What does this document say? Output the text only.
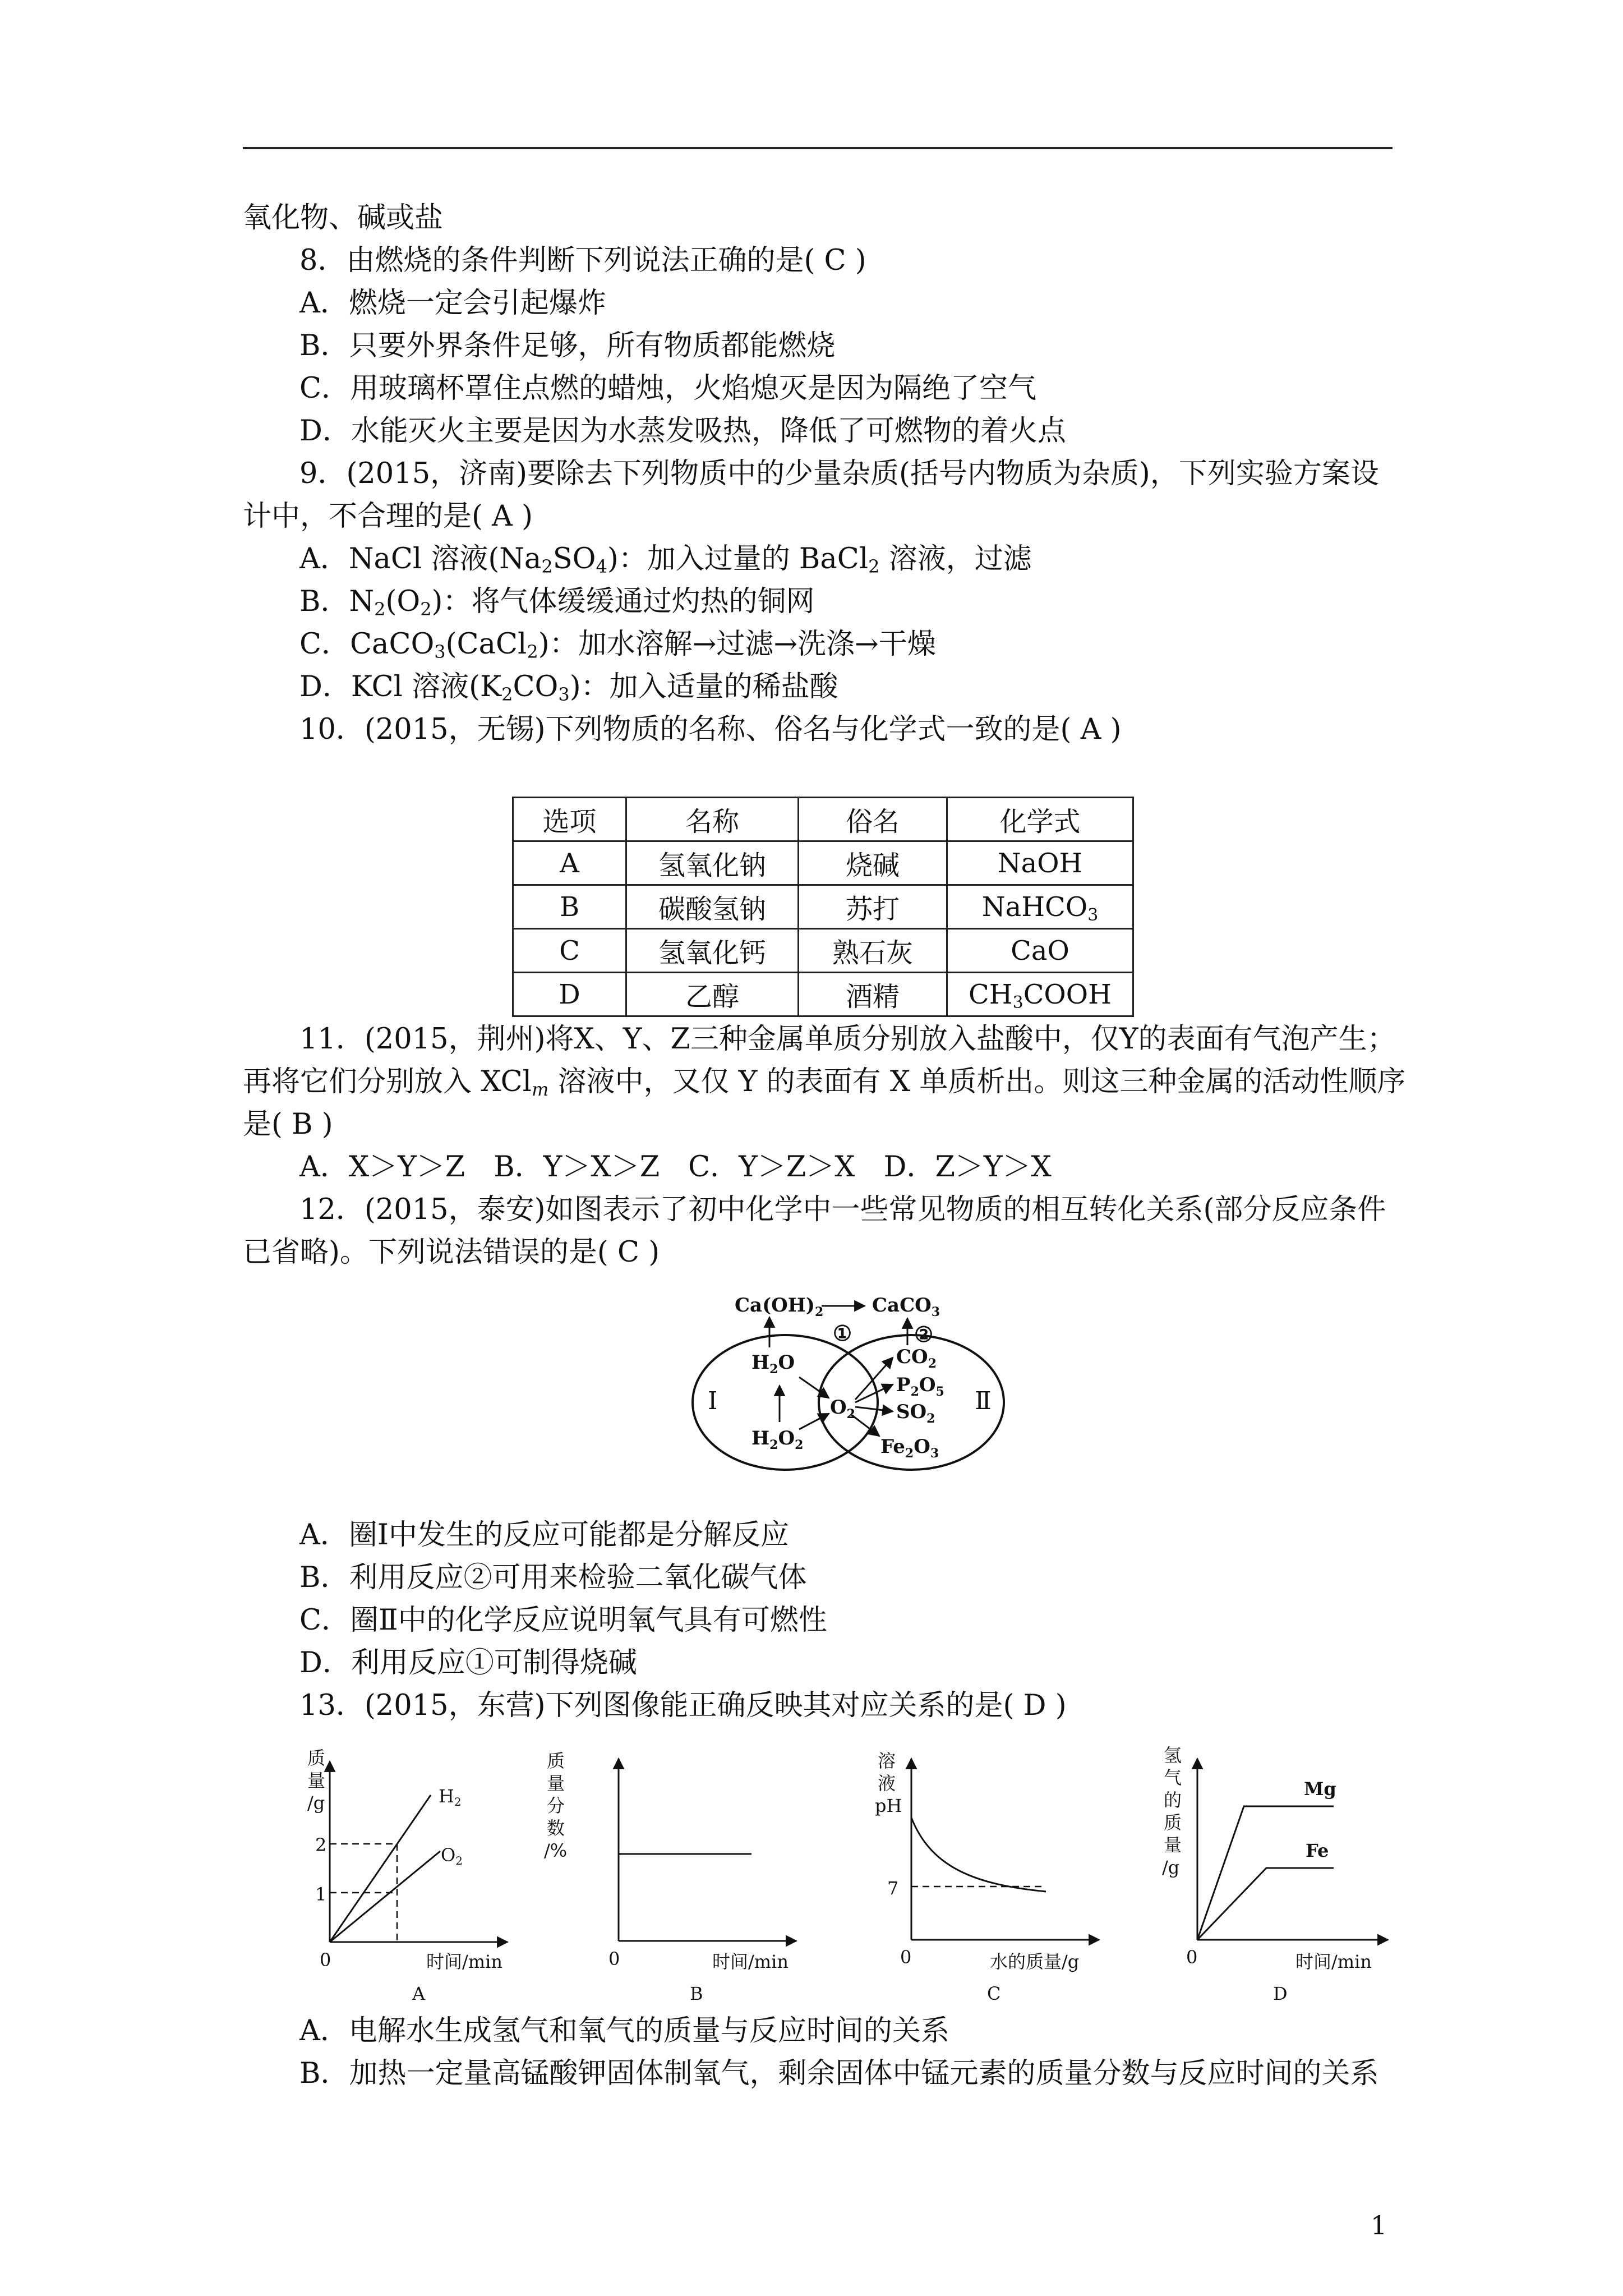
氧化物、碱或盐
8．由燃烧的条件判断下列说法正确的是( C )
A．燃烧一定会引起爆炸
B．只要外界条件足够，所有物质都能燃烧
C．用玻璃杯罩住点燃的蜡烛，火焰熄灭是因为隔绝了空气
D．水能灭火主要是因为水蒸发吸热，降低了可燃物的着火点
9．(2015，济南)要除去下列物质中的少量杂质(括号内物质为杂质)，下列实验方案设
计中，不合理的是( A )
A．NaCl 溶液$(Na_2SO_4)$：加入过量的 BaCl$_2$ 溶液，过滤
B．$N_2(O_2)$：将气体缓缓通过灼热的铜网
C．CaCO$_3$(CaCl$_2$)：加水溶解→过滤→洗涤→干燥
D．KCl 溶液$(K_2CO_3)$：加入适量的稀盐酸
10．(2015，无锡)下列物质的名称、俗名与化学式一致的是( A )
选项	名称	俗名	化学式
A	氢氧化钠	烧碱	NaOH
B	碳酸氢钠	苏打	NaHCO$_3$
C	氢氧化钙	熟石灰	CaO
D	乙醇	酒精	$CH_3COOH$
11．(2015，荆州)将X、Y、Z三种金属单质分别放入盐酸中，仅Y的表面有气泡产生；
再将它们分别放入 XCl$_m$ 溶液中，又仅 Y 的表面有 X 单质析出。则这三种金属的活动性顺序
是( B )
A．X＞Y＞Z　B．Y＞X＞Z　C．Y＞Z＞X　D．Z＞Y＞X
12．(2015，泰安)如图表示了初中化学中一些常见物质的相互转化关系(部分反应条件
已省略)。下列说法错误的是( C )
$Ca(OH)_2$	CaCO$_3$
①	②
$H_2O$
$H_2O_2$
$O_2$
$CO_2$
$P_2O_5$
$SO_2$
$Fe_2O_3$
Ⅰ	Ⅱ
A．圈Ⅰ中发生的反应可能都是分解反应
B．利用反应②可用来检验二氧化碳气体
C．圈Ⅱ中的化学反应说明氧气具有可燃性
D．利用反应①可制得烧碱
13．(2015，东营)下列图像能正确反映其对应关系的是( D )
质
量
/g
2
1
0	时间/min
H2
O2
A
质
量
分
数
/%
0	时间/min
B
溶
液
pH
7
0	水的质量/g
C
氢
气
的
质
量
/g
0	时间/min
Mg
Fe
D
A．电解水生成氢气和氧气的质量与反应时间的关系
B．加热一定量高锰酸钾固体制氧气，剩余固体中锰元素的质量分数与反应时间的关系
1
